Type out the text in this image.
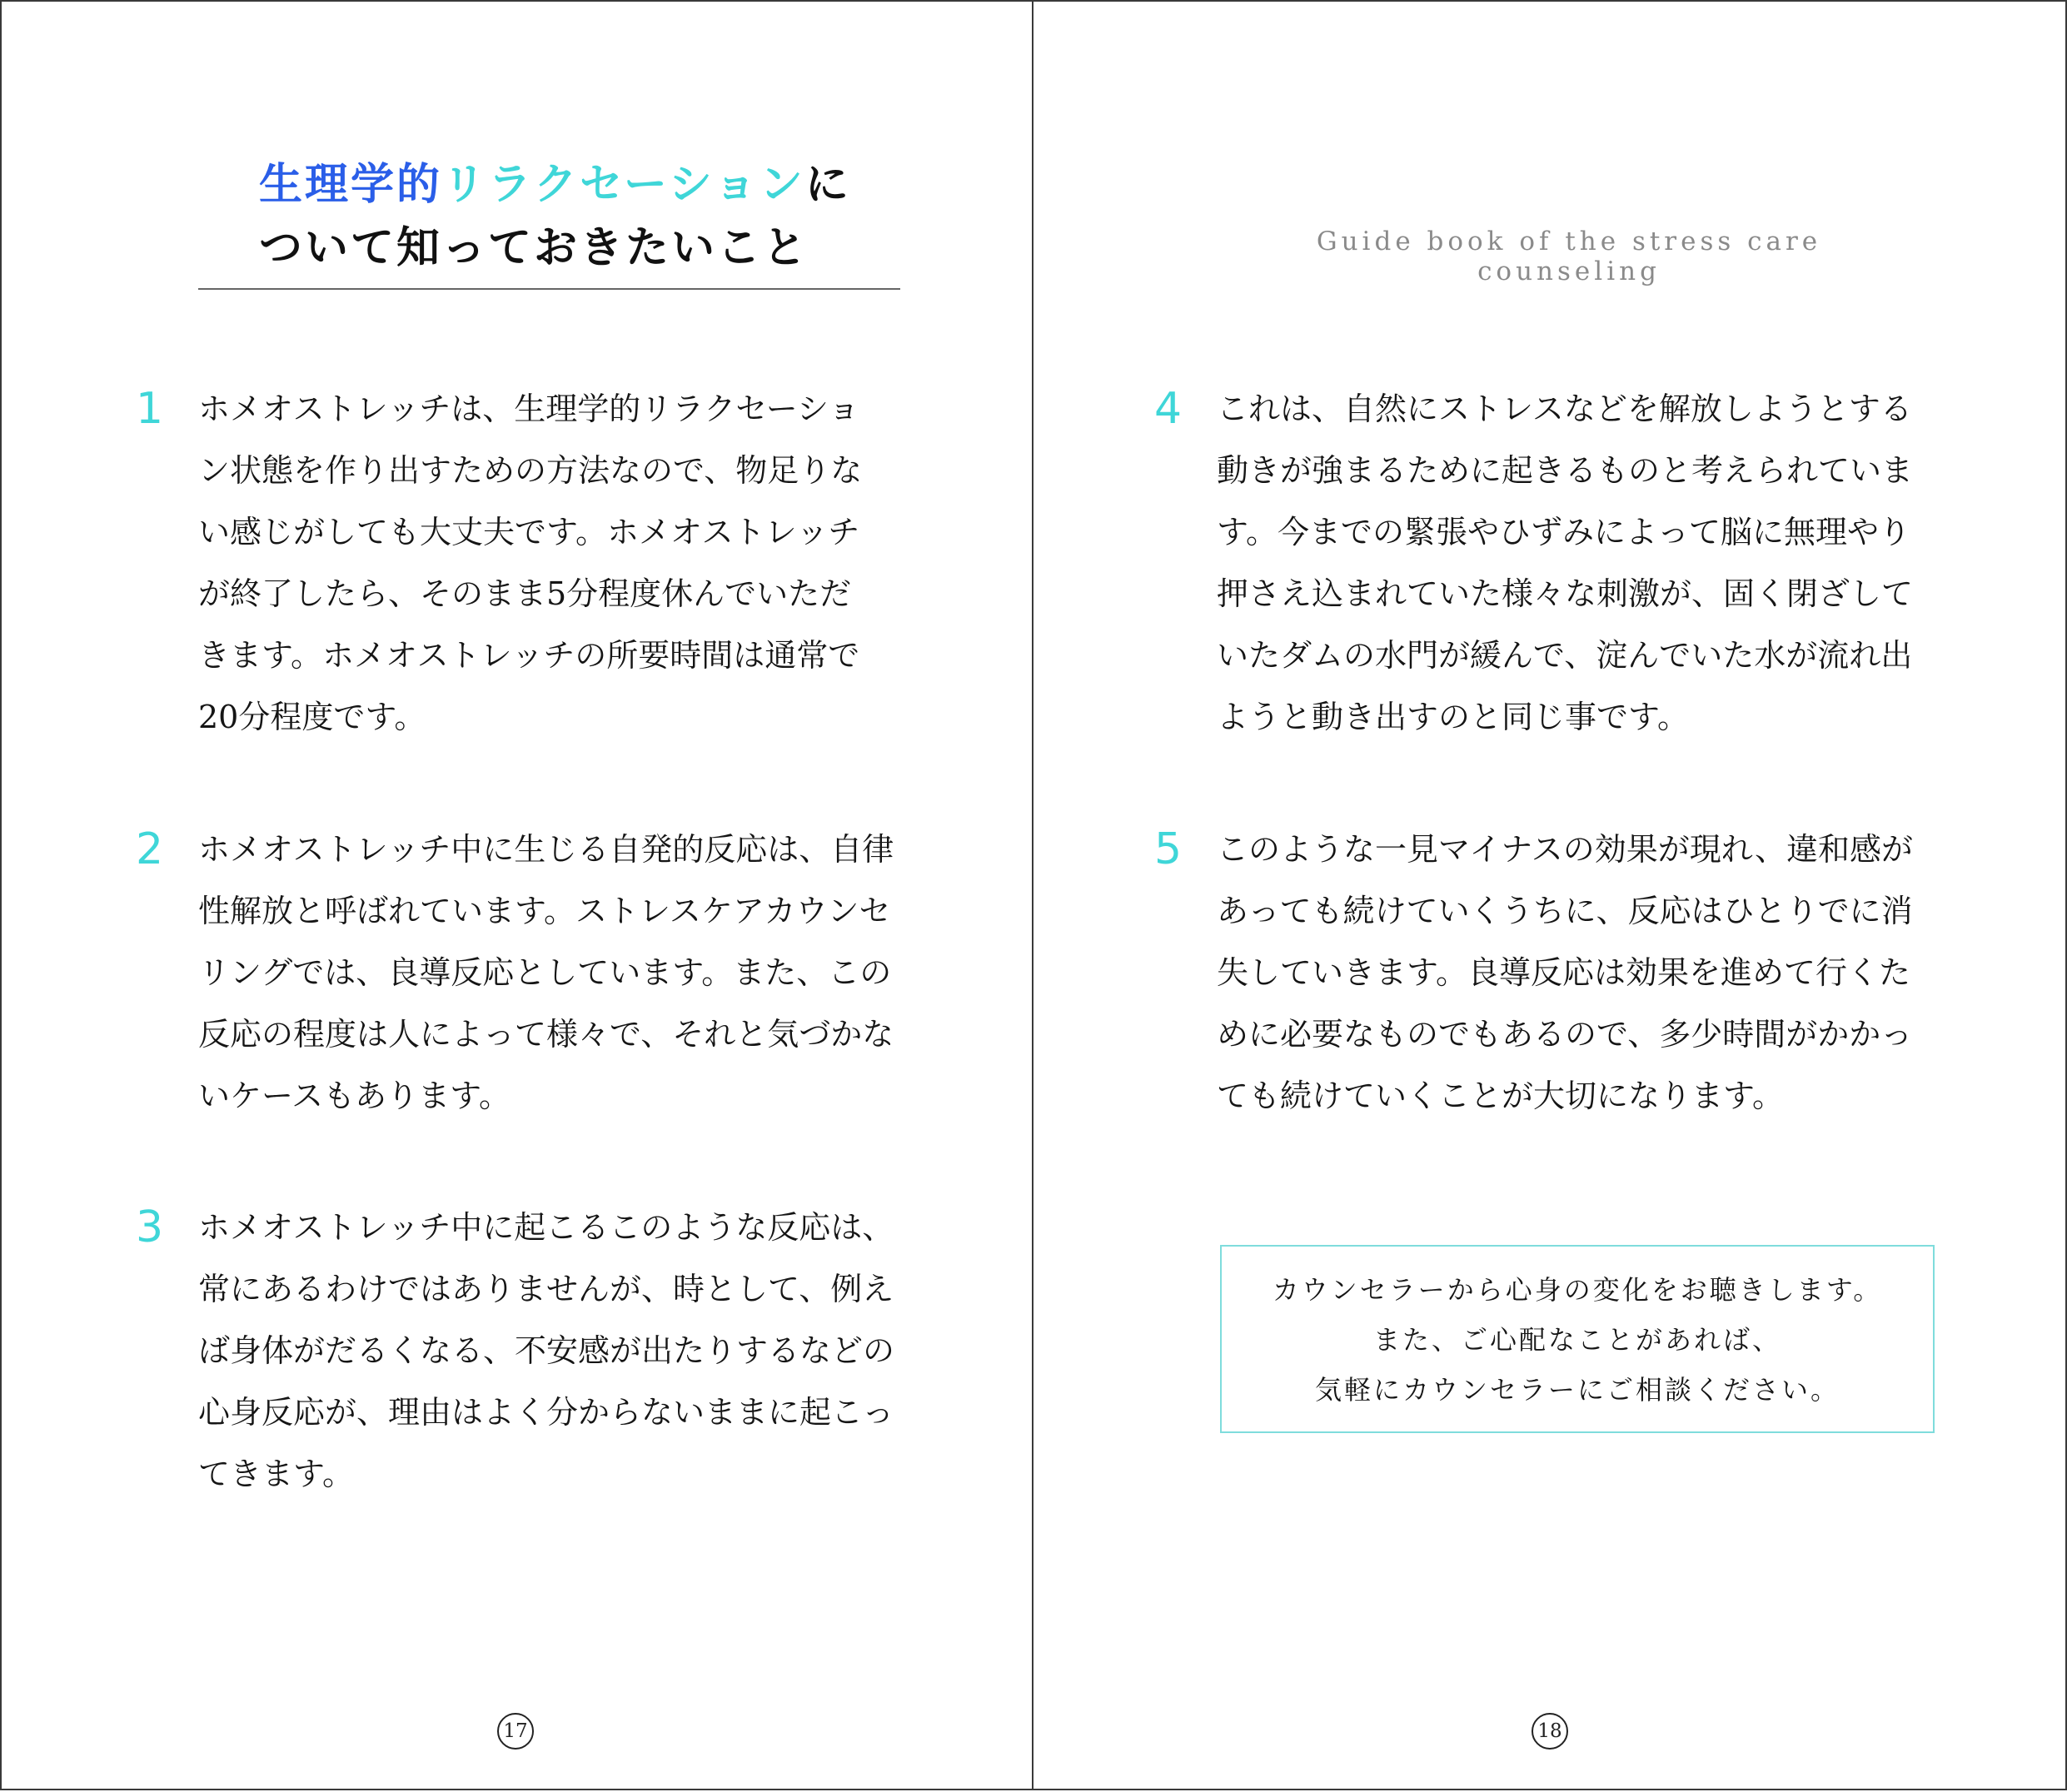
生理学的リラクセーションに
ついて知っておきたいこと
1 ホメオストレッチは、生理学的リラクセーショ
ン状態を作り出すための方法なので、物足りな
い感じがしても大丈夫です。ホメオストレッチ
が終了したら、そのまま5分程度休んでいただ
きます。ホメオストレッチの所要時間は通常で
20分程度です。
2 ホメオストレッチ中に生じる自発的反応は、自律
性解放と呼ばれています。ストレスケアカウンセ
リングでは、良導反応としています。また、この
反応の程度は人によって様々で、それと気づかな
いケースもあります。
3 ホメオストレッチ中に起こるこのような反応は、
常にあるわけではありませんが、時として、例え
ば身体がだるくなる、不安感が出たりするなどの
心身反応が、理由はよく分からないままに起こっ
てきます。
17
Guide book of the stress care counseling
4 これは、自然にストレスなどを解放しようとする
動きが強まるために起きるものと考えられていま
す。今までの緊張やひずみによって脳に無理やり
押さえ込まれていた様々な刺激が、固く閉ざして
いたダムの水門が緩んで、淀んでいた水が流れ出
ようと動き出すのと同じ事です。
5 このような一見マイナスの効果が現れ、違和感が
あっても続けていくうちに、反応はひとりでに消
失していきます。良導反応は効果を進めて行くた
めに必要なものでもあるので、多少時間がかかっ
ても続けていくことが大切になります。
カウンセラーから心身の変化をお聴きします。
また、ご心配なことがあれば、
気軽にカウンセラーにご相談ください。
18
